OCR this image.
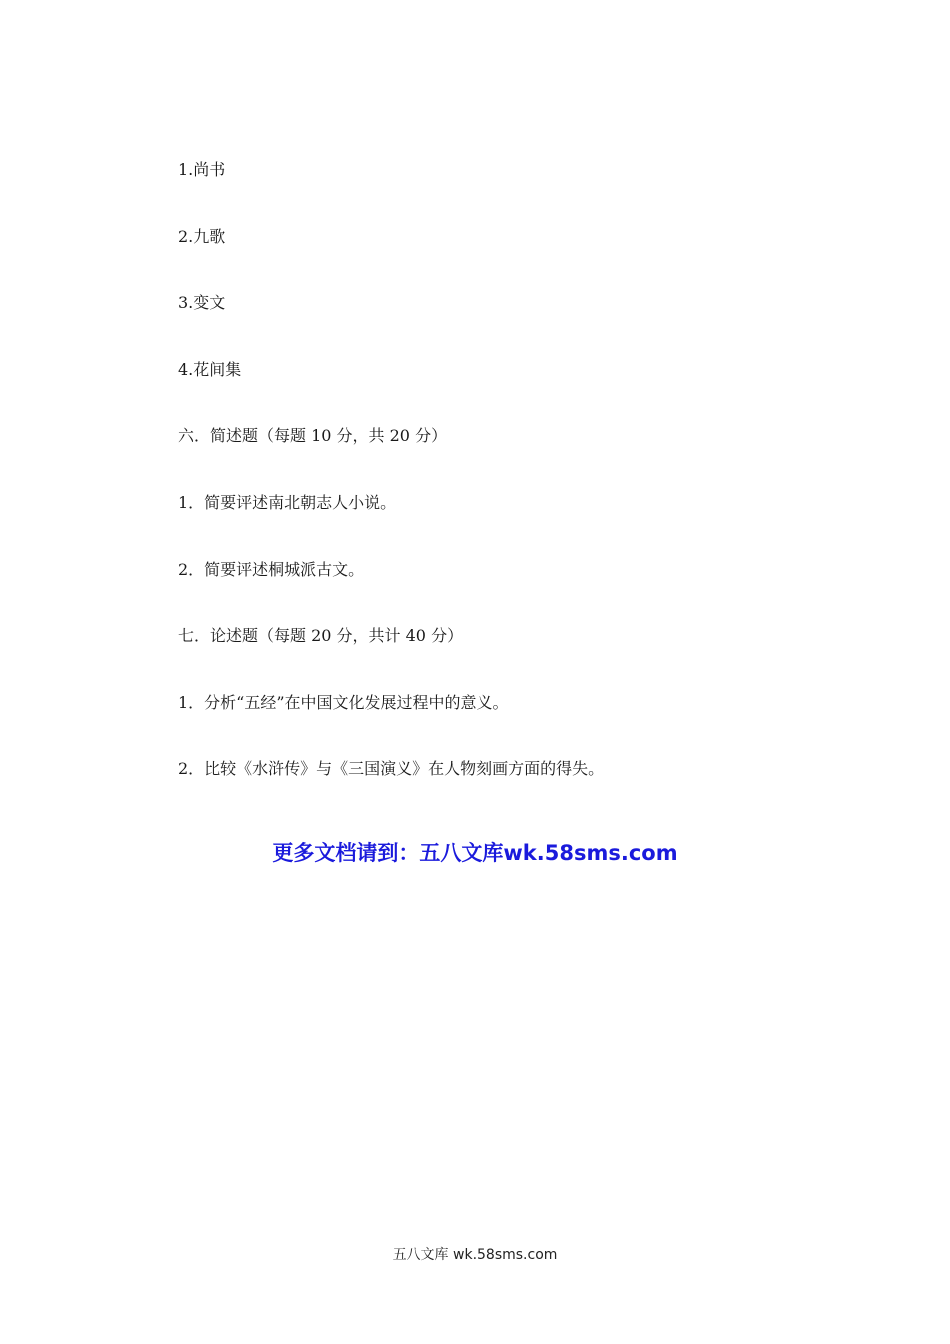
1.尚书
2.九歌
3.变文
4.花间集
六．简述题（每题 10 分，共 20 分）
1．简要评述南北朝志人小说。
2．简要评述桐城派古文。
七．论述题（每题 20 分，共计 40 分）
1．分析“五经”在中国文化发展过程中的意义。
2．比较《水浒传》与《三国演义》在人物刻画方面的得失。
更多文档请到：五八文库wk.58sms.com
五八文库 wk.58sms.com
